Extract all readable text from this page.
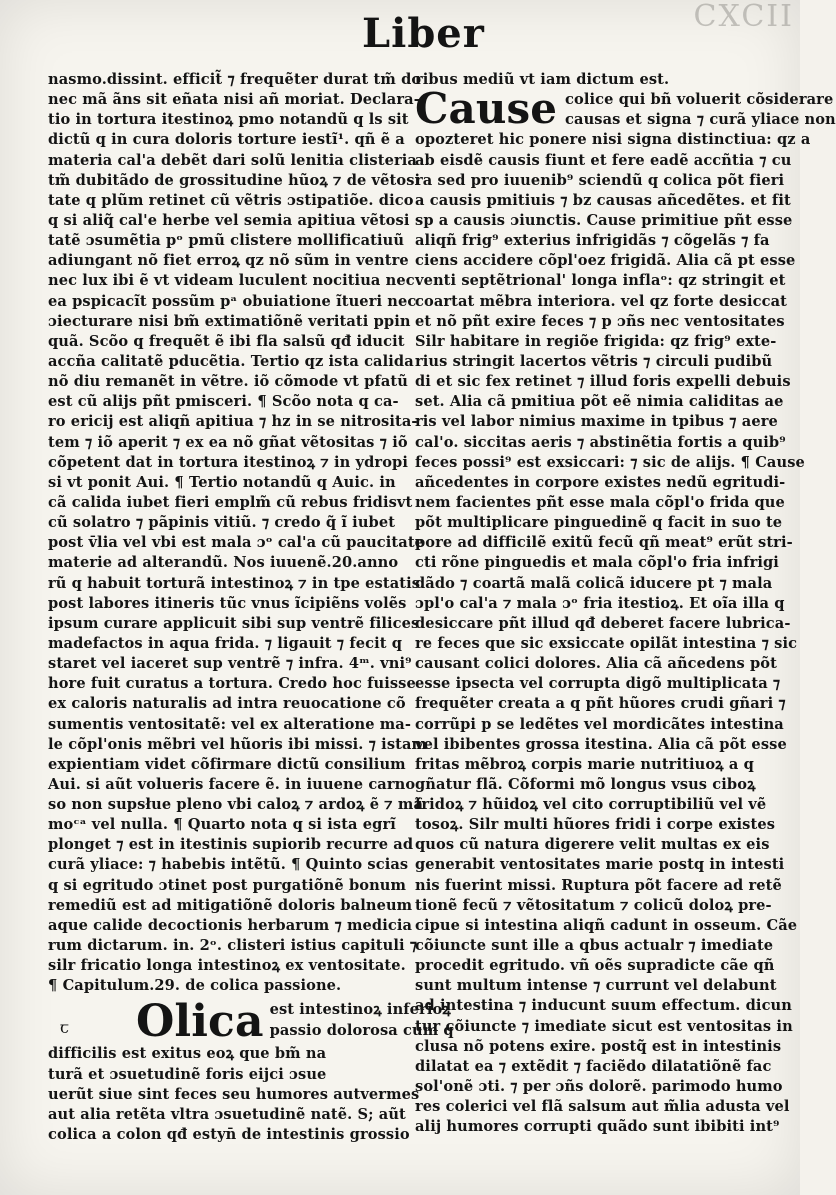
CXCII
Liber
nasmo.dissint. efficit̃ ⁊ frequẽter durat tm̃ do
nec mã ãns sit eñata nisi añ moriat. Declara-
tio in tortura itestinoꝝ pmo notandũ q ls sit
dictũ q in cura doloris torture iestĩ¹. qñ ẽ a
materia cal'a debẽt dari solũ lenitia clisteria
tm̃ dubitãdo de grossitudine hũoꝝ ⁊ de vẽtosi
tate q plũm retinet cũ vẽtris ɔstipatiõe. dico
q si aliq̃ cal'e herbe vel semia apitiua vẽtosi
tatẽ ɔsumẽtia pᵒ pmũ clistere mollificatiuũ
adiungant nõ fiet erroꝝ qz nõ sũm in ventre
nec lux ibi ẽ vt videam luculent nocitiua nec
ea pspicacĩt possũm pᵃ obuiatione ĩtueri nec
ɔiecturare nisi bm̃ extimatiõnẽ veritati ppin
quã. Scõo q frequẽt ẽ ibi fla salsũ qđ iducit
accña calitatẽ pducẽtia. Tertio qz ista calida
nõ diu remanẽt in vẽtre. iõ cõmode vt pfatũ
est cũ alijs pñt pmisceri. ¶ Scõo nota q ca-
ro ericij est aliqñ apitiua ⁊ hz in se nitrosita-
tem ⁊ iõ aperit ⁊ ex ea nõ gñat vẽtositas ⁊ iõ
cõpetent dat in tortura itestinoꝝ ⁊ in ydropi
si vt ponit Aui. ¶ Tertio notandũ q Auic. in
cã calida iubet fieri emplm̃ cũ rebus fridisvt
cũ solatro ⁊ pãpinis vitiũ. ⁊ credo q̃ ĩ iubet
post v̄lia vel vbi est mala ɔᵒ cal'a cũ paucitate
materie ad alterandũ. Nos iuuenẽ.20.anno
rũ q habuit torturã intestinoꝝ ⁊ in tpe estatis
post labores itineris tũc vnus ĩcipiẽns volẽs
ipsum curare applicuit sibi sup ventrẽ filices
madefactos in aqua frida. ⁊ ligauit ⁊ fecit q
staret vel iaceret sup ventrẽ ⁊ infra. 4ᵐ. vni⁹
hore fuit curatus a tortura. Credo hoc fuisse
ex caloris naturalis ad intra reuocatione cõ
sumentis ventositatẽ: vel ex alteratione ma-
le cõpl'onis mẽbri vel hũoris ibi missi. ⁊ istam
expientiam videt cõfirmare dictũ consilium
Aui. si aũt volueris facere ẽ. in iuuene carno
so non supsłue pleno vbi caloꝝ ⁊ ardoꝝ ẽ ⁊ mã
moᶜᵃ vel nulla. ¶ Quarto nota q si ista egrĩ
plonget ⁊ est in itestinis supiorib recurre ad
curã yliace: ⁊ habebis intẽtũ. ¶ Quinto scias
q si egritudo ɔtinet post purgatiõnẽ bonum
remediũ est ad mitigatiõnẽ doloris balneum
aque calide decoctionis herbarum ⁊ medicia
rum dictarum. in. 2ᵒ. clisteri istius capituli ⁊
silr fricatio longa intestinoꝝ ex ventositate.
¶ Capitulum.29. de colica passione.
Olica est intestinoꝝ inferioꝝ
passio dolorosa cum q
difficilis est exitus eoꝝ que bm̃ na
turã et ɔsuetudinẽ foris eijci ɔsue
uerũt siue sint feces seu humores autvermes
aut alia retẽta vltra ɔsuetudinẽ natẽ. S; aũt
colica a colon qđ estyn̄ de intestinis grossio
ribus mediũ vt iam dictum est.
Cause colice qui bñ voluerit cõsiderare
causas et signa ⁊ curã yliace non
opozteret hic ponere nisi signa distinctiua: qz a
ab eisdẽ causis fiunt et fere eadẽ accñtia ⁊ cu
ra sed pro iuuenib⁹ sciendũ q colica põt fieri
a causis pmitiuis ⁊ bz causas añcedẽtes. et fit
sp a causis ɔiunctis. Cause primitiue pñt esse
aliqñ frig⁹ exterius infrigidãs ⁊ cõgelãs ⁊ fa
ciens accidere cõpl'oez frigidã. Alia cã pt esse
venti septẽtrional' longa inflaᵒ: qz stringit et
coartat mẽbra interiora. vel qz forte desiccat
et nõ pñt exire feces ⁊ p ɔñs nec ventositates
Silr habitare in regiõe frigida: qz frig⁹ exte-
rius stringit lacertos vẽtris ⁊ circuli pudibũ
di et sic fex retinet ⁊ illud foris expelli debuis
set. Alia cã pmitiua põt eẽ nimia caliditas ae
ris vel labor nimius maxime in tpibus ⁊ aere
cal'o. siccitas aeris ⁊ abstinẽtia fortis a quib⁹
feces possi⁹ est exsiccari: ⁊ sic de alijs. ¶ Cause
añcedentes in corpore existes nedũ egritudi-
nem facientes pñt esse mala cõpl'o frida que
põt multiplicare pinguedinẽ q facit in suo te
pore ad difficilẽ exitũ fecũ qñ meat⁹ erũt stri-
cti rõne pinguedis et mala cõpl'o fria infrigi
dãdo ⁊ coartã malã colicã iducere pt ⁊ mala
ɔpl'o cal'a ⁊ mala ɔᵒ fria itestioꝝ. Et oĩa illa q
desiccare pñt illud qđ deberet facere lubrica-
re feces que sic exsiccate opilãt intestina ⁊ sic
causant colici dolores. Alia cã añcedens põt
esse ipsecta vel corrupta digõ multiplicata ⁊
frequẽter creata a q pñt hũores crudi gñari ⁊
corrũpi p se ledẽtes vel mordicãtes intestina
vel ibibentes grossa itestina. Alia cã põt esse
fritas mẽbroꝝ corpis marie nutritiuoꝝ a q
gñatur flã. Cõformi mõ longus vsus ciboꝝ
fridoꝝ ⁊ hũidoꝝ vel cito corruptibiliũ vel vẽ
tosoꝝ. Silr multi hũores fridi i corpe existes
quos cũ natura digerere velit multas ex eis
generabit ventositates marie postq in intesti
nis fuerint missi. Ruptura põt facere ad retẽ
tionẽ fecũ ⁊ vẽtositatum ⁊ colicũ doloꝝ pre-
cipue si intestina aliqñ cadunt in osseum. Cãe
cõiuncte sunt ille a qbus actualr ⁊ imediate
procedit egritudo. vñ oẽs supradicte cãe qñ
sunt multum intense ⁊ currunt vel delabunt
ad intestina ⁊ inducunt suum effectum. dicun
tur cõiuncte ⁊ imediate sicut est ventositas in
clusa nõ potens exire. postq̃ est in intestinis
dilatat ea ⁊ extẽdit ⁊ faciẽdo dilatatiõnẽ fac
sol'onẽ ɔti. ⁊ per ɔñs dolorẽ. parimodo humo
res colerici vel flã salsum aut m̃lia adusta vel
alij humores corrupti quãdo sunt ibibiti int⁹
ꞇ
